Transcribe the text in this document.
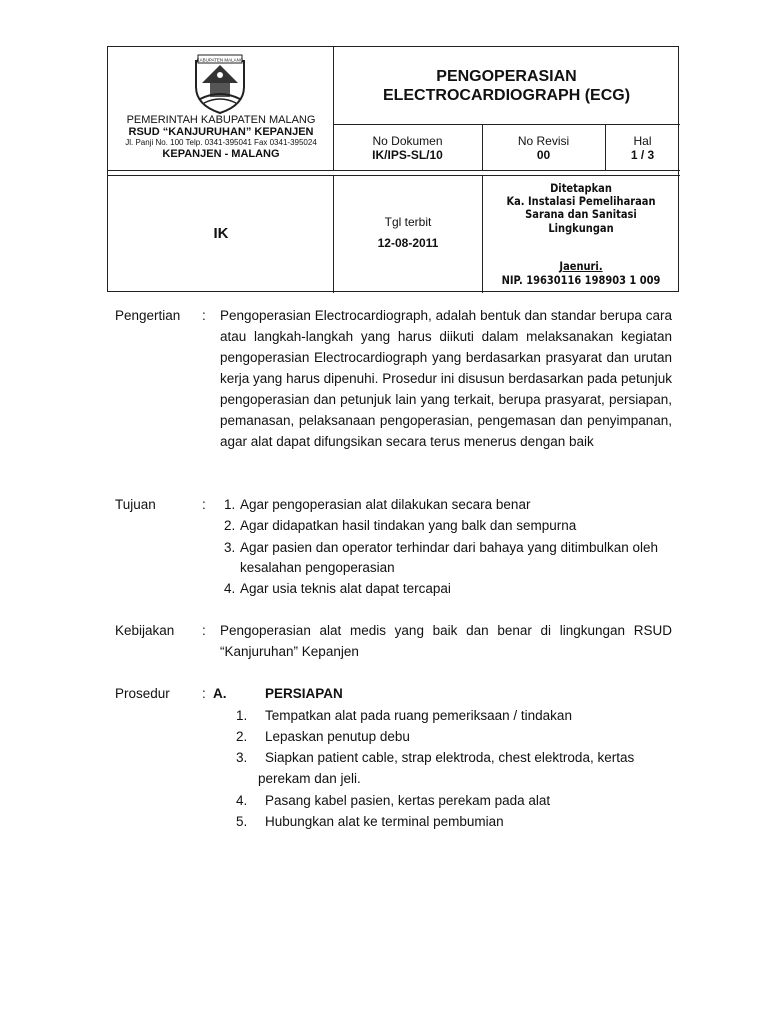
KABUPATEN MALANG
PEMERINTAH KABUPATEN MALANG
RSUD “KANJURUHAN” KEPANJEN
Jl. Panji No. 100 Telp. 0341-395041 Fax 0341-395024
KEPANJEN - MALANG
PENGOPERASIAN
ELECTROCARDIOGRAPH (ECG)
No Dokumen
IK/IPS-SL/10
No Revisi
00
Hal
1 / 3
IK
Tgl terbit
12-08-2011
Ditetapkan
Ka. Instalasi Pemeliharaan
Sarana dan Sanitasi Lingkungan
Jaenuri.
NIP. 19630116 198903 1 009
Pengertian : Pengoperasian Electrocardiograph, adalah bentuk dan standar berupa cara atau langkah-langkah yang harus diikuti dalam melaksanakan kegiatan pengoperasian Electrocardiograph yang berdasarkan prasyarat dan urutan kerja yang harus dipenuhi. Prosedur ini disusun berdasarkan pada petunjuk pengoperasian dan petunjuk lain yang terkait, berupa prasyarat, persiapan, pemanasan, pelaksanaan pengoperasian, pengemasan dan penyimpanan, agar alat dapat difungsikan secara terus menerus dengan baik
Tujuan	: 1. Agar pengoperasian alat dilakukan secara benar
2. Agar didapatkan hasil tindakan yang balk dan sempurna
3. Agar pasien dan operator terhindar dari bahaya yang ditimbulkan oleh
kesalahan pengoperasian
4. Agar usia teknis alat dapat tercapai
Kebijakan : Pengoperasian alat medis yang baik dan benar di lingkungan RSUD “Kanjuruhan” Kepanjen
Prosedur : A.	PERSIAPAN
1. Tempatkan alat pada ruang pemeriksaan / tindakan
2. Lepaskan penutup debu
3. Siapkan patient cable, strap elektroda, chest elektroda, kertas
perekam dan jeli.
4. Pasang kabel pasien, kertas perekam pada alat
5. Hubungkan alat ke terminal pembumian
